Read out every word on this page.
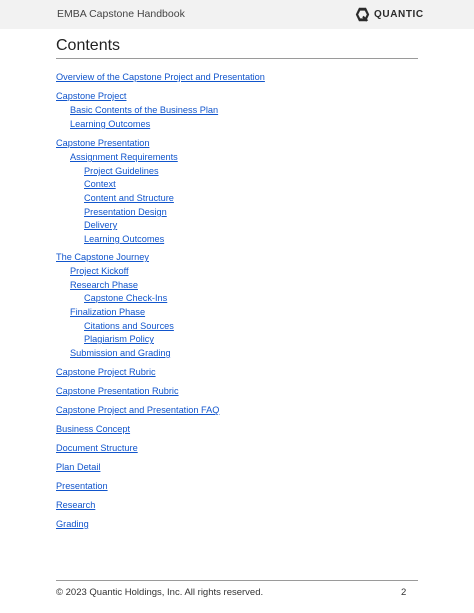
EMBA Capstone Handbook	QUANTIC
Contents
Overview of the Capstone Project and Presentation
Capstone Project
Basic Contents of the Business Plan
Learning Outcomes
Capstone Presentation
Assignment Requirements
Project Guidelines
Context
Content and Structure
Presentation Design
Delivery
Learning Outcomes
The Capstone Journey
Project Kickoff
Research Phase
Capstone Check-Ins
Finalization Phase
Citations and Sources
Plagiarism Policy
Submission and Grading
Capstone Project Rubric
Capstone Presentation Rubric
Capstone Project and Presentation FAQ
Business Concept
Document Structure
Plan Detail
Presentation
Research
Grading
© 2023 Quantic Holdings, Inc. All rights reserved.	2
